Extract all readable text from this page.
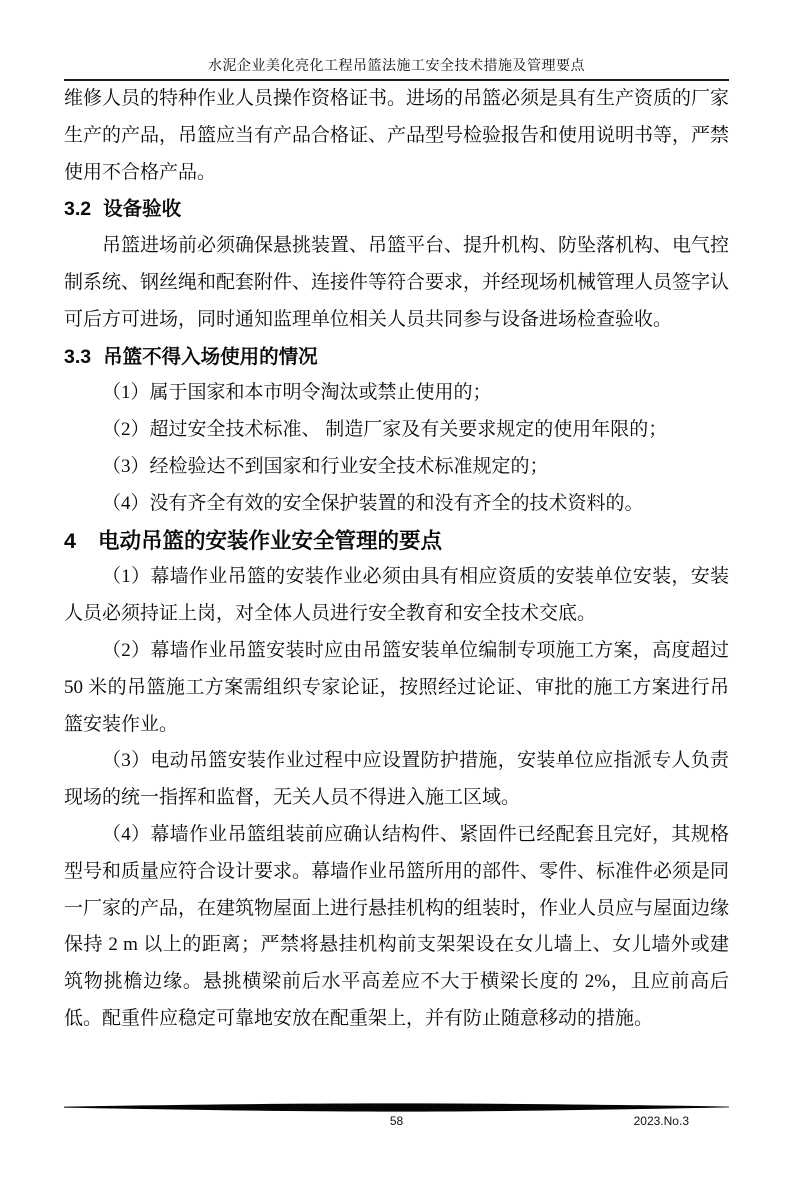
水泥企业美化亮化工程吊篮法施工安全技术措施及管理要点

维修人员的特种作业人员操作资格证书。进场的吊篮必须是具有生产资质的厂家生产的产品，吊篮应当有产品合格证、产品型号检验报告和使用说明书等，严禁使用不合格产品。

3.2 设备验收

吊篮进场前必须确保悬挑装置、吊篮平台、提升机构、防坠落机构、电气控制系统、钢丝绳和配套附件、连接件等符合要求，并经现场机械管理人员签字认可后方可进场，同时通知监理单位相关人员共同参与设备进场检查验收。

3.3 吊篮不得入场使用的情况
（1）属于国家和本市明令淘汰或禁止使用的；
（2）超过安全技术标准、 制造厂家及有关要求规定的使用年限的；
（3）经检验达不到国家和行业安全技术标准规定的；
（4）没有齐全有效的安全保护装置的和没有齐全的技术资料的。
4 电动吊篮的安装作业安全管理的要点

（1）幕墙作业吊篮的安装作业必须由具有相应资质的安装单位安装，安装人员必须持证上岗，对全体人员进行安全教育和安全技术交底。

（2）幕墙作业吊篮安装时应由吊篮安装单位编制专项施工方案，高度超过50 米的吊篮施工方案需组织专家论证，按照经过论证、审批的施工方案进行吊篮安装作业。

（3）电动吊篮安装作业过程中应设置防护措施，安装单位应指派专人负责现场的统一指挥和监督，无关人员不得进入施工区域。

（4）幕墙作业吊篮组装前应确认结构件、紧固件已经配套且完好，其规格型号和质量应符合设计要求。幕墙作业吊篮所用的部件、零件、标准件必须是同一厂家的产品，在建筑物屋面上进行悬挂机构的组装时，作业人员应与屋面边缘保持 2 m 以上的距离；严禁将悬挂机构前支架架设在女儿墙上、女儿墙外或建筑物挑檐边缘。悬挑横梁前后水平高差应不大于横梁长度的 2%，且应前高后低。配重件应稳定可靠地安放在配重架上，并有防止随意移动的措施。

58	2023.No.3
